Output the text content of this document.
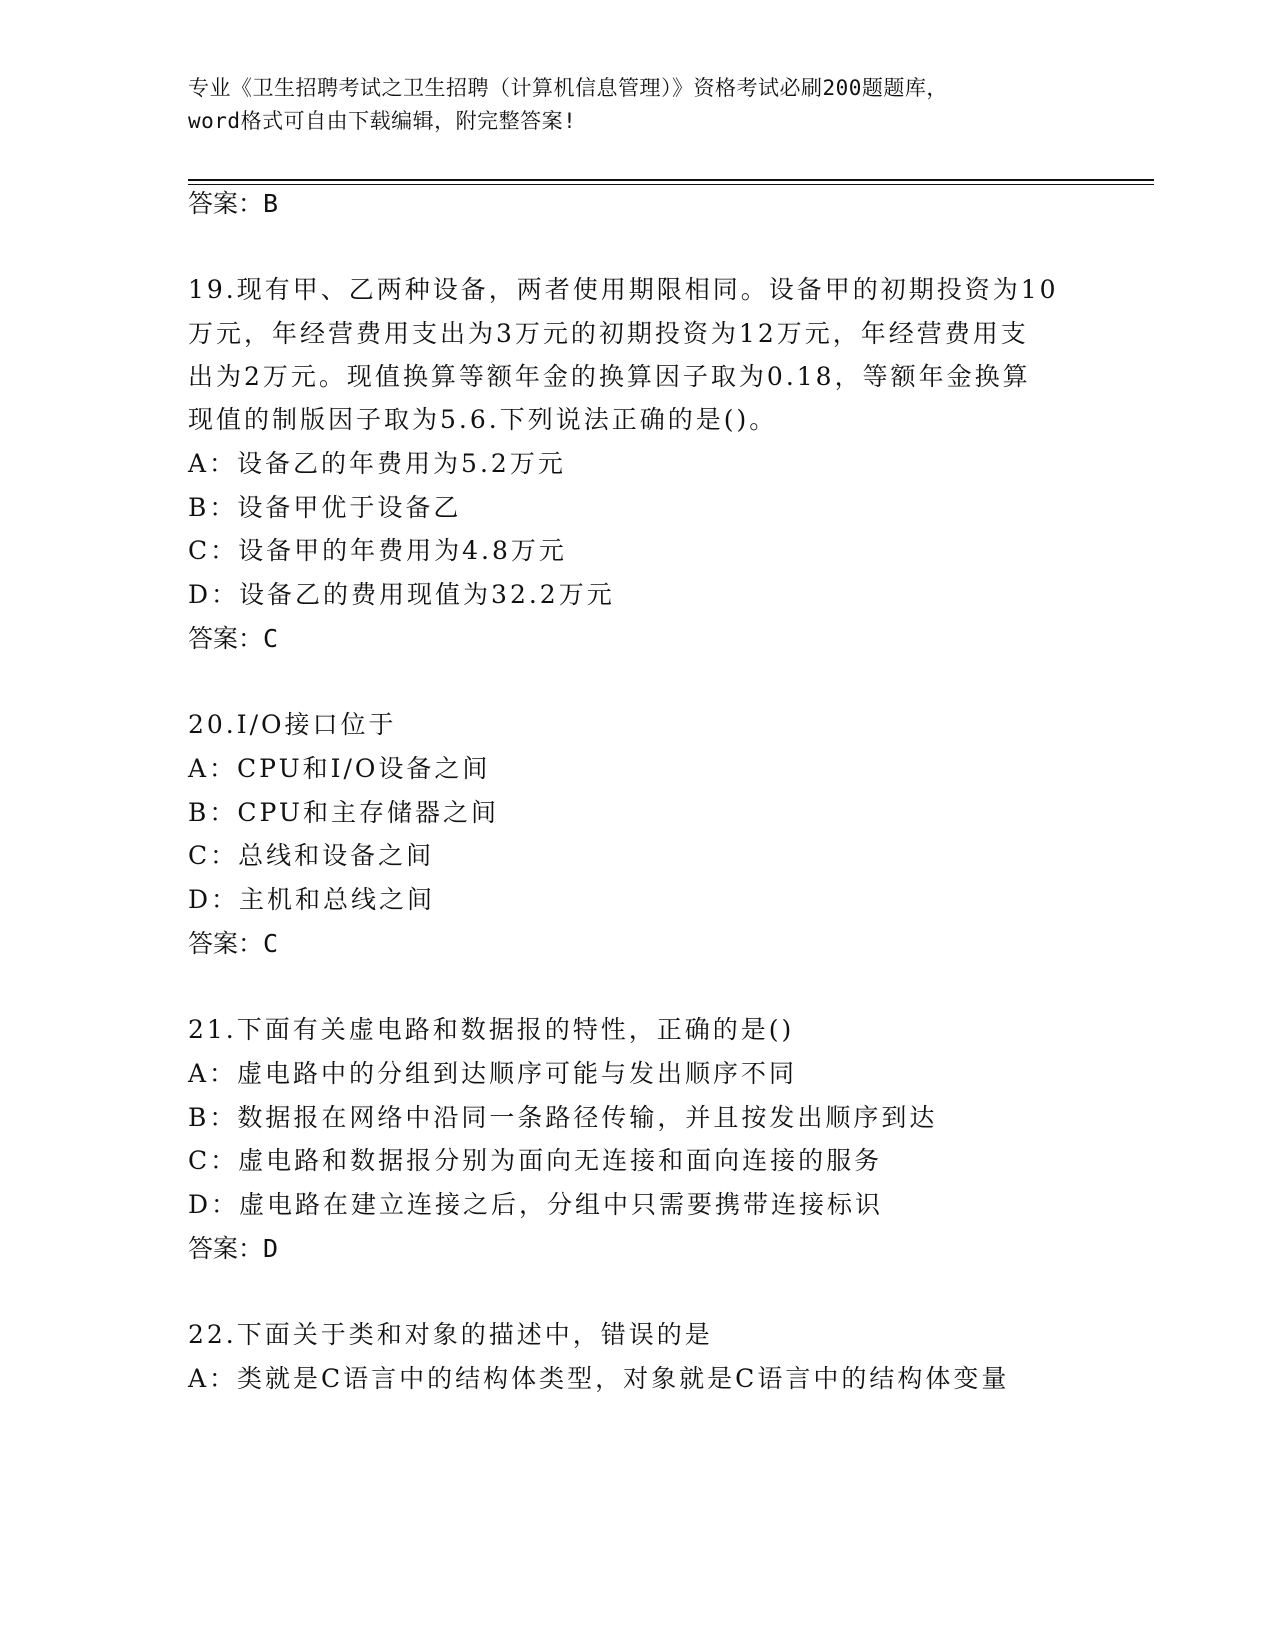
专业《卫生招聘考试之卫生招聘（计算机信息管理）》资格考试必刷200题题库，
word格式可自由下载编辑，附完整答案!
答案：B
19.现有甲、乙两种设备，两者使用期限相同。设备甲的初期投资为10
万元，年经营费用支出为3万元的初期投资为12万元，年经营费用支
出为2万元。现值换算等额年金的换算因子取为0.18，等额年金换算
现值的制版因子取为5.6.下列说法正确的是()。
A：设备乙的年费用为5.2万元
B：设备甲优于设备乙
C：设备甲的年费用为4.8万元
D：设备乙的费用现值为32.2万元
答案：C
20.I/O接口位于
A：CPU和I/O设备之间
B：CPU和主存储器之间
C：总线和设备之间
D：主机和总线之间
答案：C
21.下面有关虚电路和数据报的特性，正确的是()
A：虚电路中的分组到达顺序可能与发出顺序不同
B：数据报在网络中沿同一条路径传输，并且按发出顺序到达
C：虚电路和数据报分别为面向无连接和面向连接的服务
D：虚电路在建立连接之后，分组中只需要携带连接标识
答案：D
22.下面关于类和对象的描述中，错误的是
A：类就是C语言中的结构体类型，对象就是C语言中的结构体变量
